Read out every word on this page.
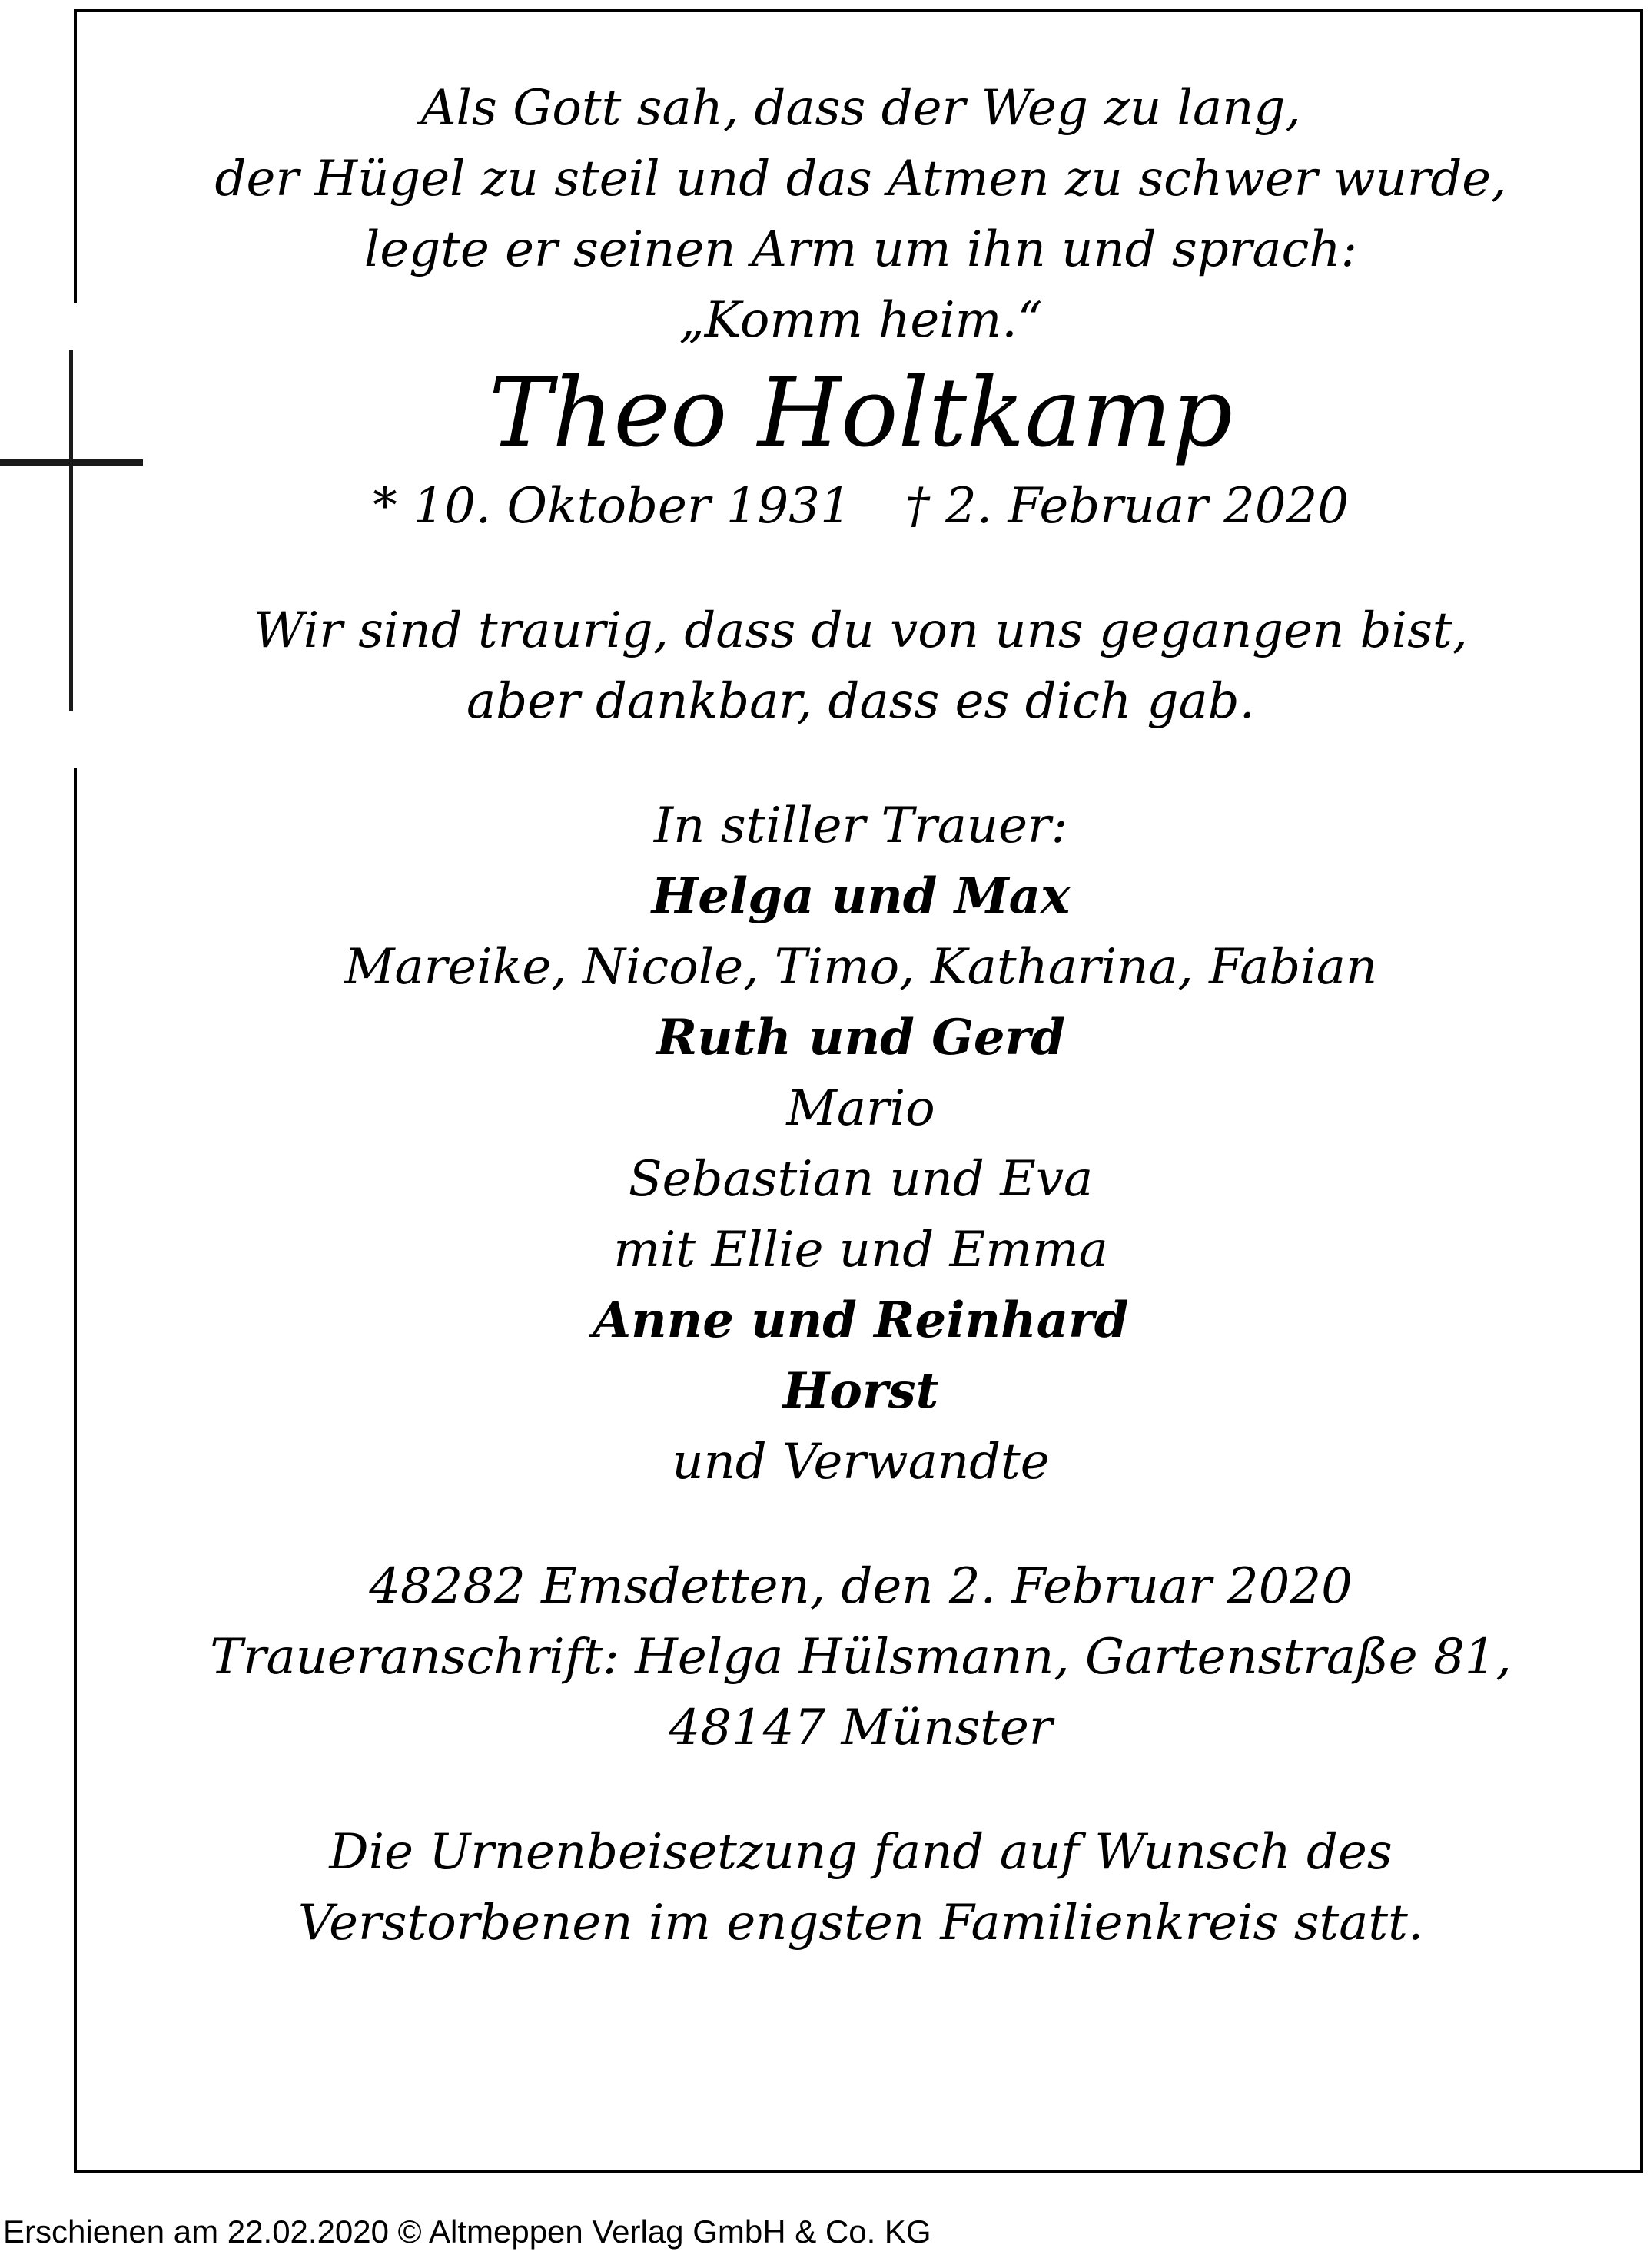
Als Gott sah, dass der Weg zu lang,

der Hügel zu steil und das Atmen zu schwer wurde,

legte er seinen Arm um ihn und sprach:

„Komm heim.“

Theo Holtkamp

* 10. Oktober 1931 † 2. Februar 2020

Wir sind traurig, dass du von uns gegangen bist,

aber dankbar, dass es dich gab.

In stiller Trauer:

Helga und Max

Mareike, Nicole, Timo, Katharina, Fabian

Ruth und Gerd

Mario

Sebastian und Eva

mit Ellie und Emma

Anne und Reinhard

Horst

und Verwandte

48282 Emsdetten, den 2. Februar 2020

Traueranschrift: Helga Hülsmann, Gartenstraße 81,

48147 Münster

Die Urnenbeisetzung fand auf Wunsch des

Verstorbenen im engsten Familienkreis statt.

Erschienen am 22.02.2020 © Altmeppen Verlag GmbH & Co. KG
